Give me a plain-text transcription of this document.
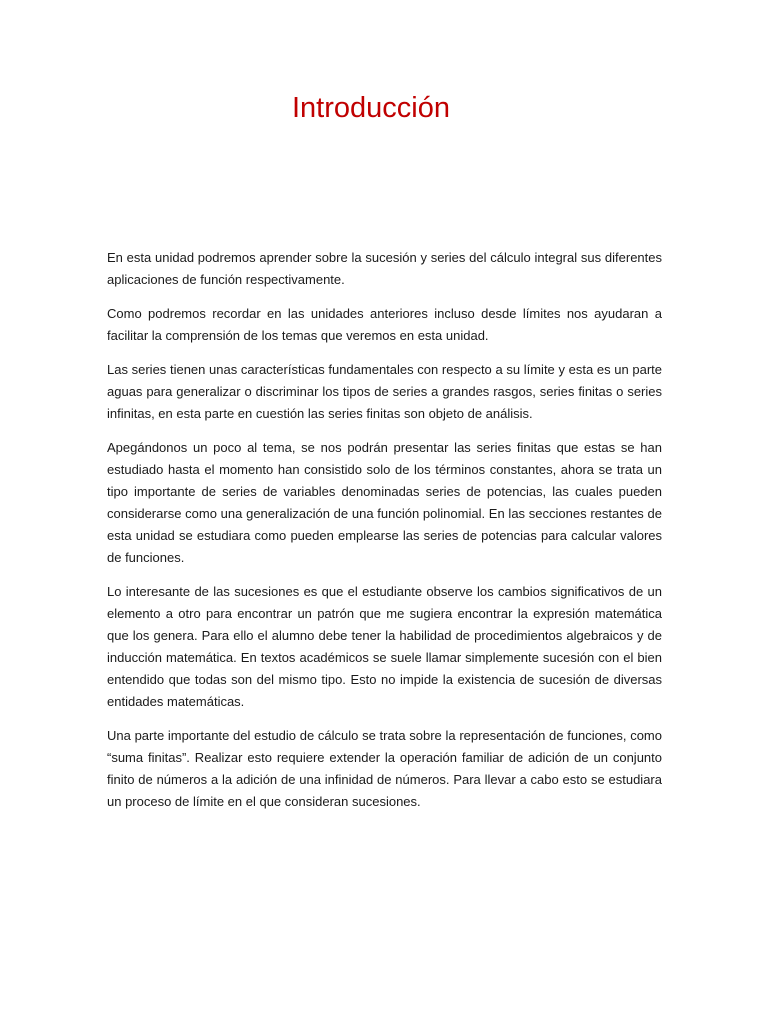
Introducción

En esta unidad podremos aprender sobre la sucesión y series del cálculo integral sus diferentes aplicaciones de función respectivamente.

Como podremos recordar en las unidades anteriores incluso desde límites nos ayudaran a facilitar la comprensión de los temas que veremos en esta unidad.

Las series tienen unas características fundamentales con respecto a su límite y esta es un parte aguas para generalizar o discriminar los tipos de series a grandes rasgos, series finitas o series infinitas, en esta parte en cuestión las series finitas son objeto de análisis.

Apegándonos un poco al tema, se nos podrán presentar las series finitas que estas se han estudiado hasta el momento han consistido solo de los términos constantes, ahora se trata un tipo importante de series de variables denominadas series de potencias, las cuales pueden considerarse como una generalización de una función polinomial. En las secciones restantes de esta unidad se estudiara como pueden emplearse las series de potencias para calcular valores de funciones.

Lo interesante de las sucesiones es que el estudiante observe los cambios significativos de un elemento a otro para encontrar un patrón que me sugiera encontrar la expresión matemática que los genera. Para ello el alumno debe tener la habilidad de procedimientos algebraicos y de inducción matemática. En textos académicos se suele llamar simplemente sucesión con el bien entendido que todas son del mismo tipo. Esto no impide la existencia de sucesión de diversas entidades matemáticas.

Una parte importante del estudio de cálculo se trata sobre la representación de funciones, como “suma finitas”. Realizar esto requiere extender la operación familiar de adición de un conjunto finito de números a la adición de una infinidad de números. Para llevar a cabo esto se estudiara un proceso de límite en el que consideran sucesiones.
